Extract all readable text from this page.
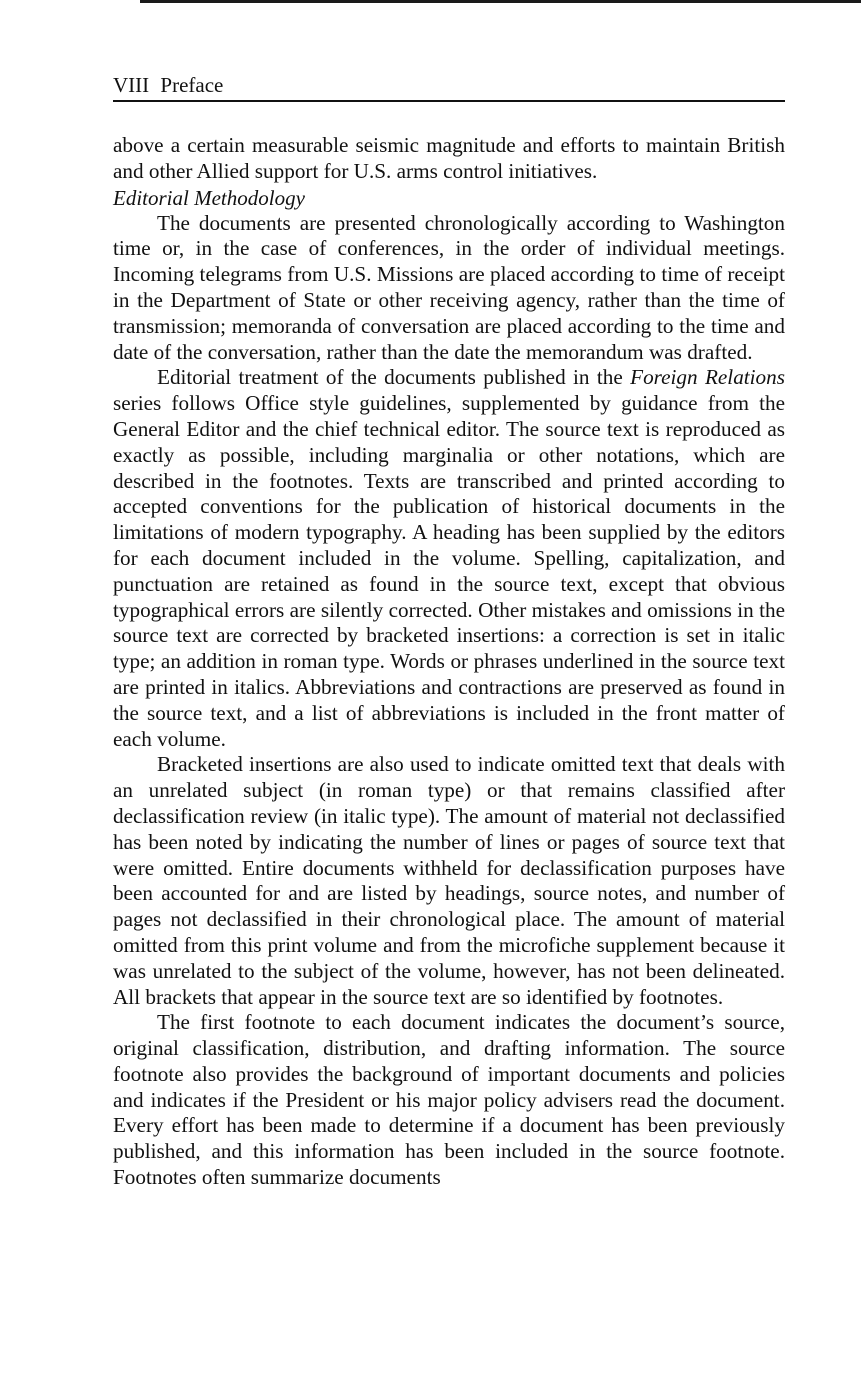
VIII Preface

above a certain measurable seismic magnitude and efforts to maintain British and other Allied support for U.S. arms control initiatives.

Editorial Methodology

The documents are presented chronologically according to Washington time or, in the case of conferences, in the order of individual meetings. Incoming telegrams from U.S. Missions are placed according to time of receipt in the Department of State or other receiving agency, rather than the time of transmission; memoranda of conversation are placed according to the time and date of the conversation, rather than the date the memorandum was drafted.

Editorial treatment of the documents published in the Foreign Relations series follows Office style guidelines, supplemented by guidance from the General Editor and the chief technical editor. The source text is reproduced as exactly as possible, including marginalia or other notations, which are described in the footnotes. Texts are transcribed and printed according to accepted conventions for the publication of historical documents in the limitations of modern typography. A heading has been supplied by the editors for each document included in the volume. Spelling, capitalization, and punctuation are retained as found in the source text, except that obvious typographical errors are silently corrected. Other mistakes and omissions in the source text are corrected by bracketed insertions: a correction is set in italic type; an addition in roman type. Words or phrases underlined in the source text are printed in italics. Abbreviations and contractions are preserved as found in the source text, and a list of abbreviations is included in the front matter of each volume.

Bracketed insertions are also used to indicate omitted text that deals with an unrelated subject (in roman type) or that remains classified after declassification review (in italic type). The amount of material not declassified has been noted by indicating the number of lines or pages of source text that were omitted. Entire documents withheld for declassification purposes have been accounted for and are listed by headings, source notes, and number of pages not declassified in their chronological place. The amount of material omitted from this print volume and from the microfiche supplement because it was unrelated to the subject of the volume, however, has not been delineated. All brackets that appear in the source text are so identified by footnotes.

The first footnote to each document indicates the document’s source, original classification, distribution, and drafting information. The source footnote also provides the background of important documents and policies and indicates if the President or his major policy advisers read the document. Every effort has been made to determine if a document has been previously published, and this information has been included in the source footnote. Footnotes often summarize documents
